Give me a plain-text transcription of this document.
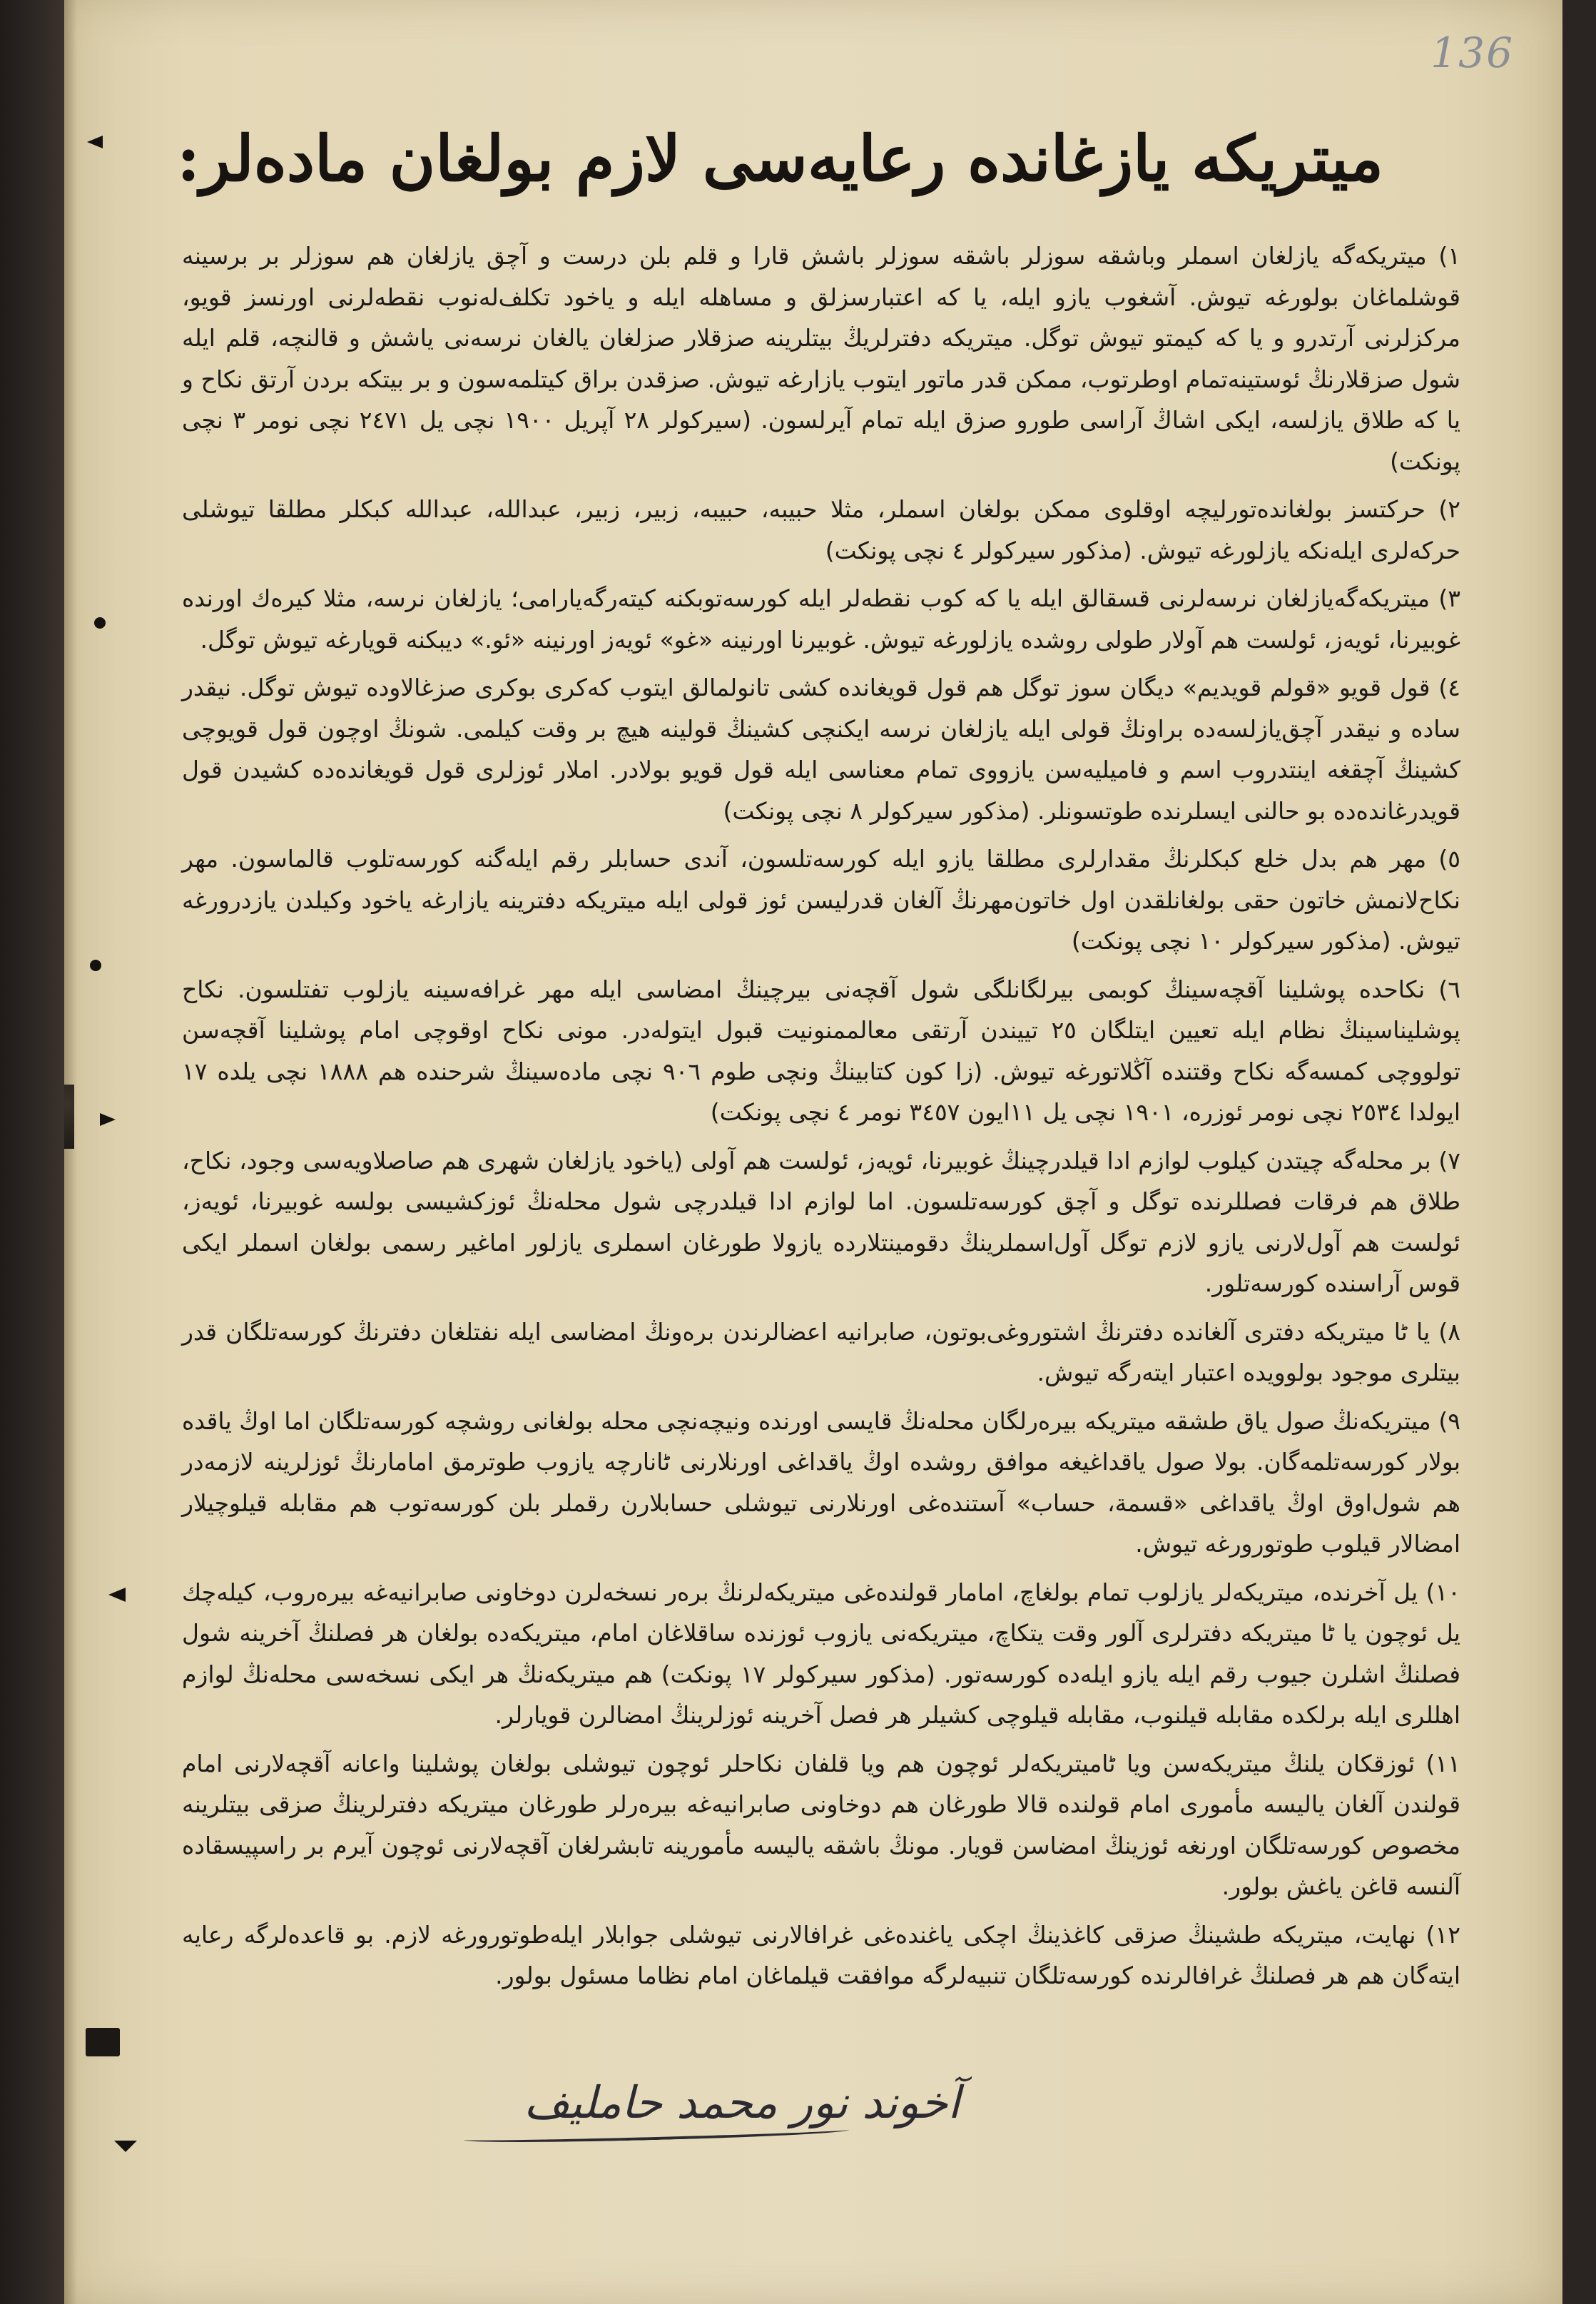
136
میتریکه یازغانده رعایه‌سی لازم بولغان ماده‌لر:

١) میتریکه‌گه یازلغان اسملر وباشقه سوزلر باشقه سوزلر باشش قارا و قلم بلن درست و آچق یازلغان هم سوزلر بر برسینه قوشلماغان بولورغه تیوش. آشغوب یازو ایله، یا که اعتبارسزلق و مساهله ایله و یاخود تکلف‌له‌نوب نقطه‌لرنی اورنسز قویو، مرکزلرنی آرتدرو و یا که کیمتو تیوش توگل. میتریکه دفترلریڭ بیتلرینه صزقلار صزلغان یالغان نرسه‌نی یاشش و قالنچه، قلم ایله شول صزقلارنڭ ئوستینه‌تمام اوطرتوب، ممکن قدر ماتور ایتوب یازارغه تیوش. صزقدن براق کیتلمه‌سون و بر بیتکه بردن آرتق نکاح و یا که طلاق یازلسه، ایکی اشاڭ آراسی طورو صزق ایله تمام آیرلسون. (سیرکولر ٢٨ آپریل ١٩٠٠ نچی یل ٢٤٧١ نچی نومر ٣ نچی پونکت)

٢) حرکتسز بولغاندە‌تورلیچه اوقلوی ممکن بولغان اسملر، مثلا حبیبه، حبیبه، زبیر، زبیر، عبدالله، عبدالله کبکلر مطلقا تیوشلی حرکه‌لری ایله‌نکه یازلورغه تیوش. (مذکور سیرکولر ٤ نچی پونکت)

٣) میتریکه‌گه‌یازلغان نرسه‌لرنی قسقالق ایله یا که کوب نقطه‌لر ایله کورسه‌توبکنه کیته‌رگه‌یارامی؛ یازلغان نرسه، مثلا کیرەك اورنده غوبیرنا، ئویەز، ئولست هم آولار طولی روشده یازلورغه تیوش. غوبیرنا اورنینه «غو» ئویەز اورنینه «ئو.» دیبکنه قویارغه تیوش توگل.

٤) قول قویو «قولم قویدیم» دیگان سوز توگل هم قول قویغانده کشی تانولمالق ایتوب که‌کری بوكری صزغالاوده تیوش توگل. نیقدر ساده و نیقدر آچق‌یازلسه‌ده براونڭ قولی ایله یازلغان نرسه ایکنچی کشینڭ قولینه هیچ بر وقت کیلمی. شونڭ اوچون قول قویوچی کشینڭ آچقغه اینتدروب اسم و فامیلیه‌سن یازووی تمام معناسی ایله قول قویو بولادر. املار ئوزلری قول قویغانده‌ده کشیدن قول قویدرغانده‌ده بو حالنی ایسلرنده طوتسونلر. (مذکور سیرکولر ٨ نچی پونکت)

٥) مهر هم بدل خلع کبکلرنڭ مقدارلری مطلقا یازو ایله کورسه‌تلسون، آندی حسابلر رقم ایله‌گنه کورسه‌تلوب قالماسون. مهر نکاح‌لانمش خاتون حقی بولغانلقدن اول خاتون‌مهرنڭ آلغان قدرلیسن ئوز قولی ایله میتریکه دفترینه یازارغه یاخود وکیلدن یازدرورغه تیوش. (مذکور سیرکولر ١٠ نچی پونکت)

٦) نکاحده پوشلینا آقچه‌سینڭ کوبمی بیرلگانلگی شول آقچه‌نی بیرچینڭ امضاسی ایله مهر غرافه‌سینه یازلوب تفتلسون. نکاح پوشلیناسینڭ نظام ایله تعیین ایتلگان ٢٥ تییندن آرتقی معالممنونیت قبول ایتوله‌در. مونی نکاح اوقوچی امام پوشلینا آقچه‌سن تولووچی کمسه‌گه نکاح وقتنده آڭلاتورغه تیوش. (زا کون کتابینڭ ونچی طوم ٩٠٦ نچی ماده‌سینڭ شرحنده هم ١٨٨٨ نچی یلده ١٧ ایولدا ٢٥٣٤ نچی نومر ئوزره، ١٩٠١ نچی یل ١١ایون ٣٤٥٧ نومر ٤ نچی پونکت)

٧) بر محله‌گه چیتدن کیلوب لوازم ادا قیلدرچینڭ غوبیرنا، ئویەز، ئولست هم آولی (یاخود یازلغان شهری هم صاصلاویه‌سی وجود، نکاح، طلاق هم فرقات فصللرنده توگل و آچق کورسه‌تلسون. اما لوازم ادا قیلدرچی شول محله‌نڭ ئوزکشیسی بولسه غوبیرنا، ئویەز، ئولست هم آول‌لارنی یازو لازم توگل آول‌اسملرینڭ دقومینتلارده یازولا طورغان اسملری یازلور اماغیر رسمی بولغان اسملر ایکی قوس آراسنده کورسه‌تلور.

٨) یا ٹا میتریکه دفتری آلغانده دفترنڭ اشتوروغی‌بوتون، صابرانیه اعضالرندن برەونڭ امضاسی ایله نفتلغان دفترنڭ کورسه‌تلگان قدر بیتلری موجود بولوویده اعتبار ایته‌رگه تیوش.

٩) میتریکه‌نڭ صول یاق طشقه میتریکه بیره‌رلگان محله‌نڭ قایسی اورنده ونیچه‌نچی محله بولغانی روشچه کورسه‌تلگان اما اوڭ یاقده بولار کورسه‌تلمه‌گان. بولا صول یاقداغیغه موافق روشده اوڭ یاقداغی اورنلارنی ٹانارچه یازوب طوترمق امامارنڭ ئوزلرینه لازمه‌در هم شول‌اوق اوڭ یاقداغی «قسمة، حساب» آستنده‌غی اورنلارنی تیوشلی حسابلارن رقملر بلن کورسه‌توب هم مقابله قیلوچیلار امضالار قیلوب طوتورورغه تیوش.

١٠) یل آخرنده، میتریکه‌لر یازلوب تمام بولغاچ، امامار قولنده‌غی میتریکه‌لرنڭ برەر نسخه‌لرن دوخاونی صابرانیه‌غه بیره‌روب، کیله‌چك یل ئوچون یا ٹا میتریکه دفترلری آلور وقت یتکاچ، میتریکه‌نی یازوب ئوزنده ساقلاغان امام، میتریکه‌ده بولغان هر فصلنڭ آخرینه شول فصلنڭ اشلرن جیوب رقم ایله یازو ایله‌ده کورسه‌تور. (مذکور سیرکولر ١٧ پونکت) هم میتریکه‌نڭ هر ایکی نسخه‌سی محله‌نڭ لوازم اهللری ایله برلکده مقابله قیلنوب، مقابله قیلوچی کشیلر هر فصل آخرینه ئوزلرینڭ امضالرن قویارلر.

١١) ئوزقکان یلنڭ میتریکه‌سن ویا ٹامیتریکه‌لر ئوچون هم ویا قلفان نکاحلر ئوچون تیوشلی بولغان پوشلینا واعانه آقچه‌لارنی امام قولندن آلغان یالیسه مأموری امام قولنده قالا طورغان هم دوخاونی صابرانیه‌غه بیره‌رلر طورغان میتریکه دفترلرینڭ صزقی بیتلرینه مخصوص کورسه‌تلگان اورنغه ئوزینڭ امضاسن قویار. مونڭ باشقه یالیسه مأمورینه تابشرلغان آقچه‌لارنی ئوچون آیرم بر راسپیسقاده آلنسه قاغن یاغش بولور.

١٢) نهایت، میتریکه طشینڭ صزقی کاغذینڭ اچکی یاغنده‌غی غرافالارنی تیوشلی جوابلار ایله‌طوتورورغه لازم. بو قاعده‌لرگه رعایه ایته‌گان هم هر فصلنڭ غرافالرنده کورسه‌تلگان تنبیه‌لرگه موافقت قیلماغان امام نظاما مسئول بولور.

آخوند نور محمد حاملیف
